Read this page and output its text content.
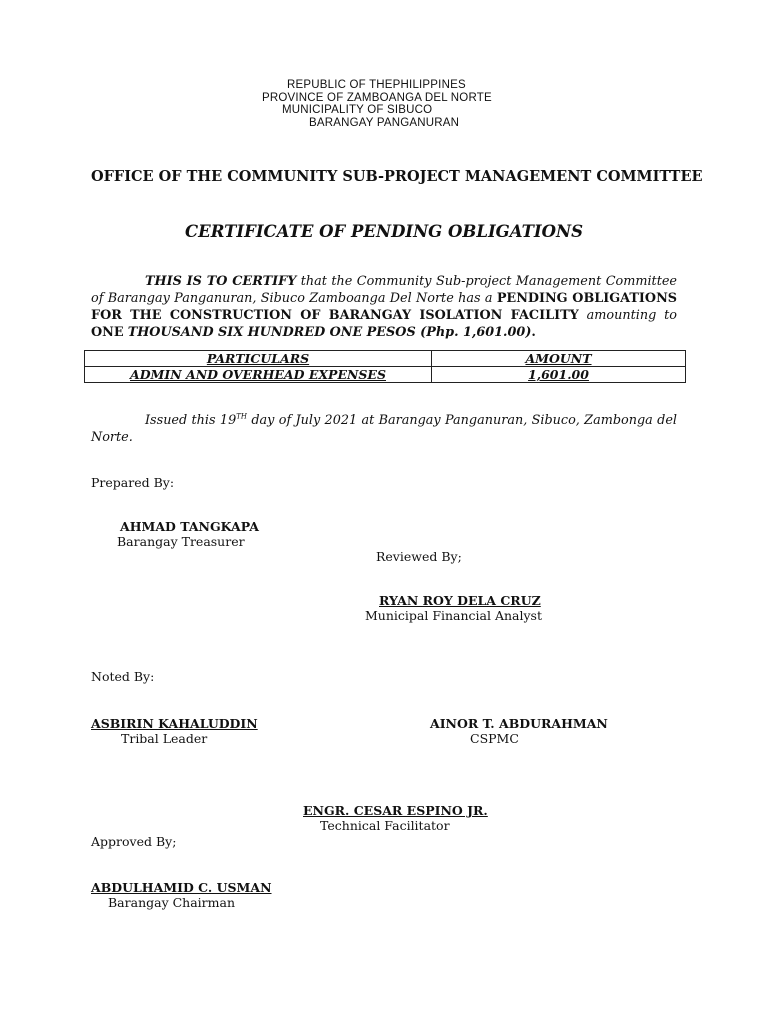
REPUBLIC OF THEPHILIPPINES
PROVINCE OF ZAMBOANGA DEL NORTE
MUNICIPALITY OF SIBUCO
BARANGAY PANGANURAN
OFFICE OF THE COMMUNITY SUB-PROJECT MANAGEMENT COMMITTEE
CERTIFICATE OF PENDING OBLIGATIONS

THIS IS TO CERTIFY that the Community Sub-project Management Committee of Barangay Panganuran, Sibuco Zamboanga Del Norte has a PENDING OBLIGATIONS FOR THE CONSTRUCTION OF BARANGAY ISOLATION FACILITY amounting to ONE THOUSAND SIX HUNDRED ONE PESOS (Php. 1,601.00).

PARTICULARS	AMOUNT
ADMIN AND OVERHEAD EXPENSES	1,601.00

Issued this 19TH day of July 2021 at Barangay Panganuran, Sibuco, Zambonga del Norte.

Prepared By:
AHMAD TANGKAPA
Barangay Treasurer
Reviewed By;
RYAN ROY DELA CRUZ
Municipal Financial Analyst
Noted By:
ASBIRIN KAHALUDDIN
Tribal Leader
AINOR T. ABDURAHMAN
CSPMC
ENGR. CESAR ESPINO JR.
Technical Facilitator
Approved By;
ABDULHAMID C. USMAN
Barangay Chairman
